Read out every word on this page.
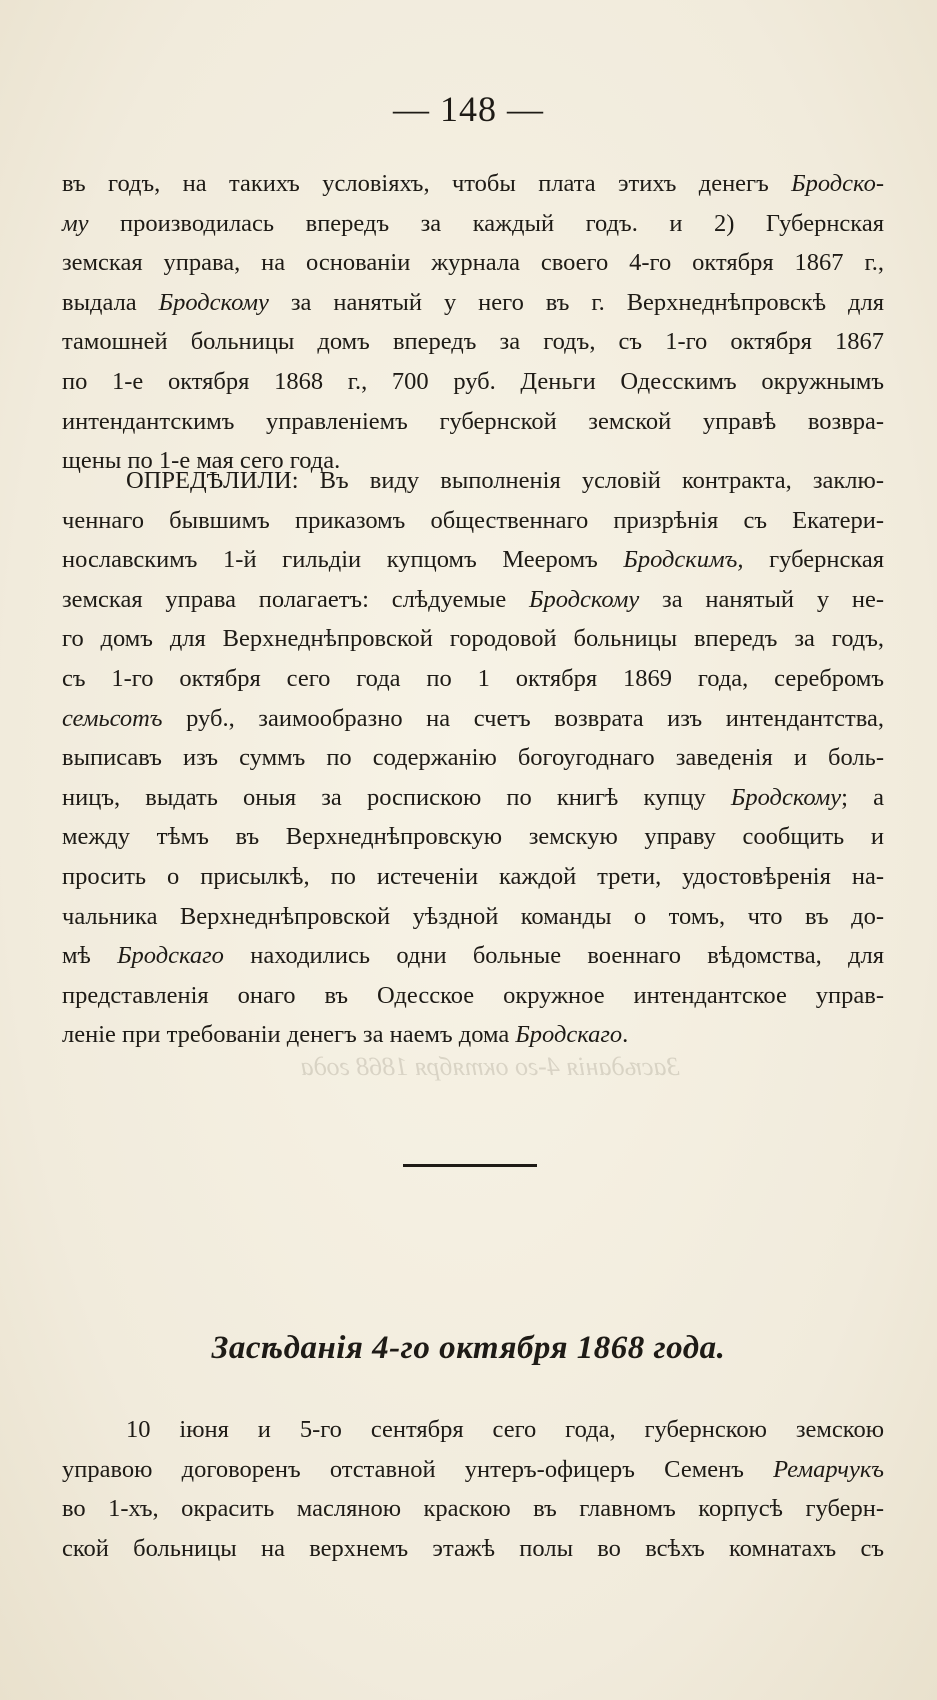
— 148 —
въ годъ, на такихъ условіяхъ, чтобы плата этихъ денегъ Бродско-
му производилась впередъ за каждый годъ. и 2) Губернская
земская управа, на основаніи журнала своего 4-го октября 1867 г.,
выдала Бродскому за нанятый у него въ г. Верхнеднѣпровскѣ для
тамошней больницы домъ впередъ за годъ, съ 1-го октября 1867
по 1-е октября 1868 г., 700 руб. Деньги Одесскимъ окружнымъ
интендантскимъ управленіемъ губернской земской управѣ возвра-
щены по 1-е мая сего года.
ОПРЕДѢЛИЛИ: Въ виду выполненія условій контракта, заклю-
ченнаго бывшимъ приказомъ общественнаго призрѣнія съ Екатери-
нославскимъ 1-й гильдіи купцомъ Мееромъ Бродскимъ, губернская
земская управа полагаетъ: слѣдуемые Бродскому за нанятый у не-
го домъ для Верхнеднѣпровской городовой больницы впередъ за годъ,
съ 1-го октября сего года по 1 октября 1869 года, серебромъ
семьсотъ руб., заимообразно на счетъ возврата изъ интендантства,
выписавъ изъ суммъ по содержанію богоугоднаго заведенія и боль-
ницъ, выдать оныя за роспискою по книгѣ купцу Бродскому; а
между тѣмъ въ Верхнеднѣпровскую земскую управу сообщить и
просить о присылкѣ, по истеченіи каждой трети, удостовѣренія на-
чальника Верхнеднѣпровской уѣздной команды о томъ, что въ до-
мѣ Бродскаго находились одни больные военнаго вѣдомства, для
представленія онаго въ Одесское окружное интендантское управ-
леніе при требованіи денегъ за наемъ дома Бродскаго.
Засѣданія 4-го октября 1868 года
Засѣданія 4-го октября 1868 года.
10 іюня и 5-го сентября сего года, губернскою земскою
управою договоренъ отставной унтеръ-офицеръ Семенъ Ремарчукъ
во 1-хъ, окрасить масляною краскою въ главномъ корпусѣ губерн-
ской больницы на верхнемъ этажѣ полы во всѣхъ комнатахъ съ
